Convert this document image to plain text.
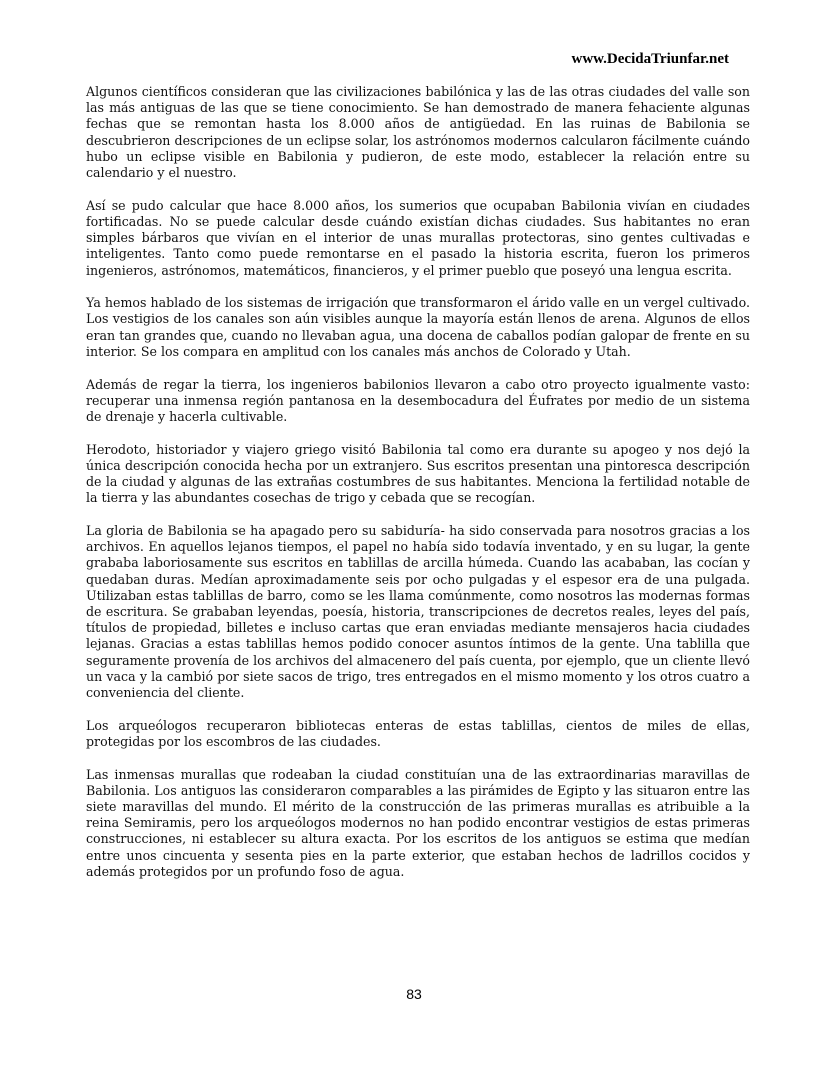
www.DecidaTriunfar.net

Algunos científicos consideran que las civilizaciones babilónica y las de las otras ciudades del valle son las más antiguas de las que se tiene conocimiento. Se han demostrado de manera fehaciente algunas fechas que se remontan hasta los 8.000 años de antigüedad. En las ruinas de Babilonia se descubrieron descripciones de un eclipse solar, los astrónomos modernos calcularon fácilmente cuándo hubo un eclipse visible en Babilonia y pudieron, de este modo, establecer la relación entre su calendario y el nuestro.

Así se pudo calcular que hace 8.000 años, los sumerios que ocupaban Babilonia vivían en ciudades fortificadas. No se puede calcular desde cuándo existían dichas ciudades. Sus habitantes no eran simples bárbaros que vivían en el interior de unas murallas protectoras, sino gentes cultivadas e inteligentes. Tanto como puede remontarse en el pasado la historia escrita, fueron los primeros ingenieros, astrónomos, matemáticos, financieros, y el primer pueblo que poseyó una lengua escrita.

Ya hemos hablado de los sistemas de irrigación que transformaron el árido valle en un vergel cultivado. Los vestigios de los canales son aún visibles aunque la mayoría están llenos de arena. Algunos de ellos eran tan grandes que, cuando no llevaban agua, una docena de caballos podían galopar de frente en su interior. Se los compara en amplitud con los canales más anchos de Colorado y Utah.

Además de regar la tierra, los ingenieros babilonios llevaron a cabo otro proyecto igualmente vasto: recuperar una inmensa región pantanosa en la desembocadura del Éufrates por medio de un sistema de drenaje y hacerla cultivable.

Herodoto, historiador y viajero griego visitó Babilonia tal como era durante su apogeo y nos dejó la única descripción conocida hecha por un extranjero. Sus escritos presentan una pintoresca descripción de la ciudad y algunas de las extrañas costumbres de sus habitantes. Menciona la fertilidad notable de la tierra y las abundantes cosechas de trigo y cebada que se recogían.

La gloria de Babilonia se ha apagado pero su sabiduría- ha sido conservada para nosotros gracias a los archivos. En aquellos lejanos tiempos, el papel no había sido todavía inventado, y en su lugar, la gente grababa laboriosamente sus escritos en tablillas de arcilla húmeda. Cuando las acababan, las cocían y quedaban duras. Medían aproximadamente seis por ocho pulgadas y el espesor era de una pulgada. Utilizaban estas tablillas de barro, como se les llama comúnmente, como nosotros las modernas formas de escritura. Se grababan leyendas, poesía, historia, transcripciones de decretos reales, leyes del país, títulos de propiedad, billetes e incluso cartas que eran enviadas mediante mensajeros hacia ciudades lejanas. Gracias a estas tablillas hemos podido conocer asuntos íntimos de la gente. Una tablilla que seguramente provenía de los archivos del almacenero del país cuenta, por ejemplo, que un cliente llevó un vaca y la cambió por siete sacos de trigo, tres entregados en el mismo momento y los otros cuatro a conveniencia del cliente.

Los arqueólogos recuperaron bibliotecas enteras de estas tablillas, cientos de miles de ellas, protegidas por los escombros de las ciudades.

Las inmensas murallas que rodeaban la ciudad constituían una de las extraordinarias maravillas de Babilonia. Los antiguos las consideraron comparables a las pirámides de Egipto y las situaron entre las siete maravillas del mundo. El mérito de la construcción de las primeras murallas es atribuible a la reina Semiramis, pero los arqueólogos modernos no han podido encontrar vestigios de estas primeras construcciones, ni establecer su altura exacta. Por los escritos de los antiguos se estima que medían entre unos cincuenta y sesenta pies en la parte exterior, que estaban hechos de ladrillos cocidos y además protegidos por un profundo foso de agua.

83
